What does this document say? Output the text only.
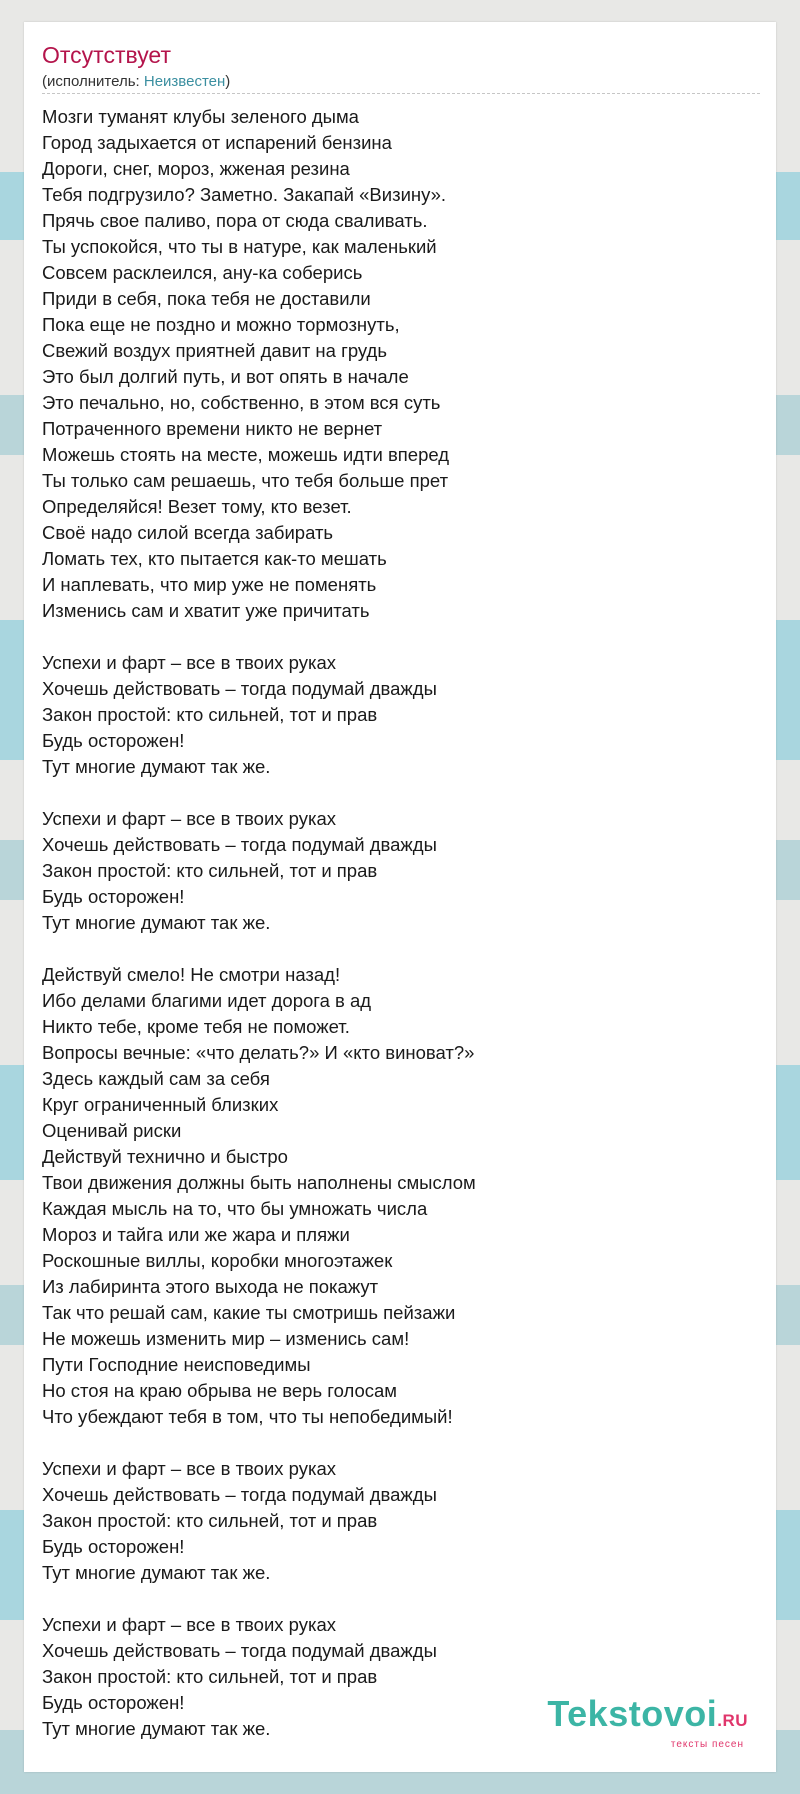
Отсутствует
(исполнитель: Неизвестен)
Мозги туманят клубы зеленого дыма
Город задыхается от испарений бензина
Дороги, снег, мороз, жженая резина
Тебя подгрузило? Заметно. Закапай «Визину».
Прячь свое паливо, пора от сюда сваливать.
Ты успокойся, что ты в натуре, как маленький
Совсем расклеился, ану-ка соберись
Приди в себя, пока тебя не доставили
Пока еще не поздно и можно тормознуть,
Свежий воздух приятней давит на грудь
Это был долгий путь, и вот опять в начале
Это печально, но, собственно, в этом вся суть
Потраченного времени никто не вернет
Можешь стоять на месте, можешь идти вперед
Ты только сам решаешь, что тебя больше прет
Определяйся! Везет тому, кто везет.
Своё надо силой всегда забирать
Ломать тех, кто пытается как-то мешать
И наплевать, что мир уже не поменять
Изменись сам и хватит уже причитать
Успехи и фарт – все в твоих руках
Хочешь действовать – тогда подумай дважды
Закон простой: кто сильней, тот и прав
Будь осторожен!
Тут многие думают так же.
Успехи и фарт – все в твоих руках
Хочешь действовать – тогда подумай дважды
Закон простой: кто сильней, тот и прав
Будь осторожен!
Тут многие думают так же.
Действуй смело! Не смотри назад!
Ибо делами благими идет дорога в ад
Никто тебе, кроме тебя не поможет.
Вопросы вечные: «что делать?» И «кто виноват?»
Здесь каждый сам за себя
Круг ограниченный близких
Оценивай риски
Действуй технично и быстро
Твои движения должны быть наполнены смыслом
Каждая мысль на то, что бы умножать числа
Мороз и тайга или же жара и пляжи
Роскошные виллы, коробки многоэтажек
Из лабиринта этого выхода не покажут
Так что решай сам, какие ты смотришь пейзажи
Не можешь изменить мир – изменись сам!
Пути Господние неисповедимы
Но стоя на краю обрыва не верь голосам
Что убеждают тебя в том, что ты непобедимый!
Успехи и фарт – все в твоих руках
Хочешь действовать – тогда подумай дважды
Закон простой: кто сильней, тот и прав
Будь осторожен!
Тут многие думают так же.
Успехи и фарт – все в твоих руках
Хочешь действовать – тогда подумай дважды
Закон простой: кто сильней, тот и прав
Будь осторожен!
Тут многие думают так же.	Tekstovoi.RU
тексты песен
